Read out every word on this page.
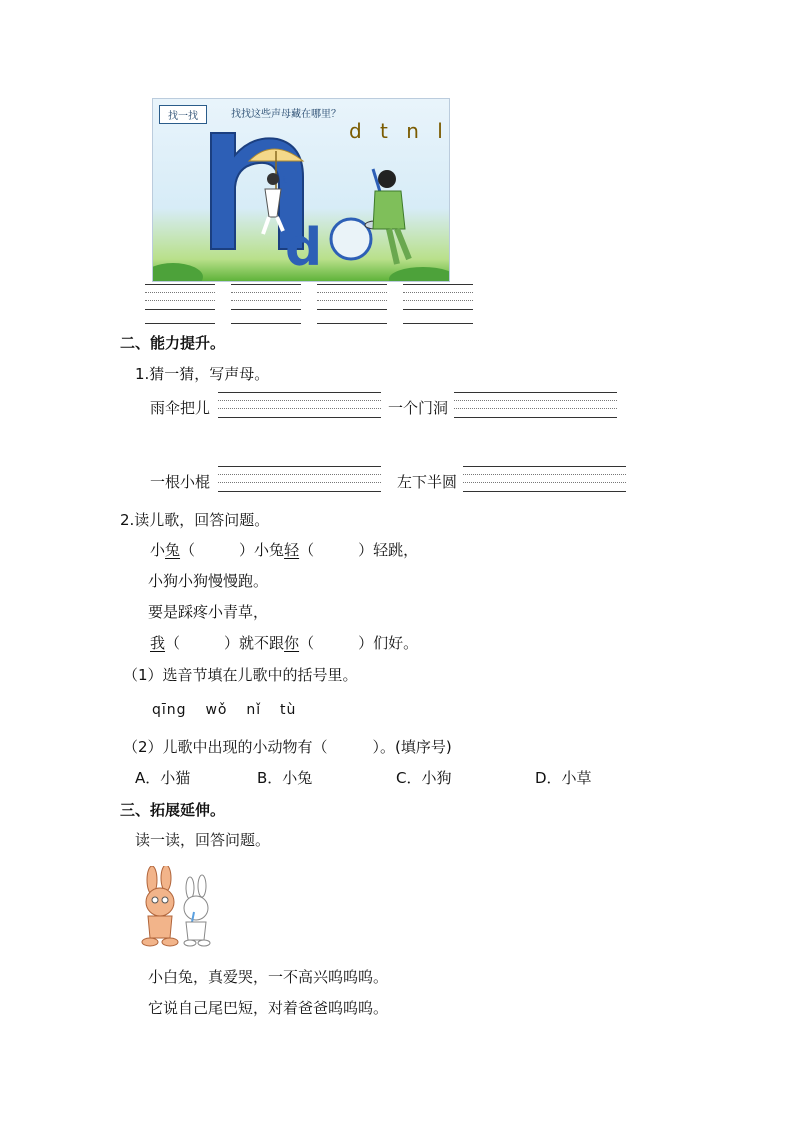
找一找	找找这些声母藏在哪里？
d t n l
t
d
二、能力提升。
1.猜一猜，写声母。
雨伞把儿	一个门洞
一根小棍	左下半圆
2.读儿歌，回答问题。
小兔（	）小兔轻（	）轻跳，
小狗小狗慢慢跑。
要是踩疼小青草，
我（	）就不跟你（	）们好。
（1）选音节填在儿歌中的括号里。
qīng wǒ nǐ tù
（2）儿歌中出现的小动物有（　　　）。(填序号)
A．小猫	B．小兔	C．小狗	D．小草
三、拓展延伸。
读一读，回答问题。
小白兔，真爱哭，一不高兴呜呜呜。
它说自己尾巴短，对着爸爸呜呜呜。
